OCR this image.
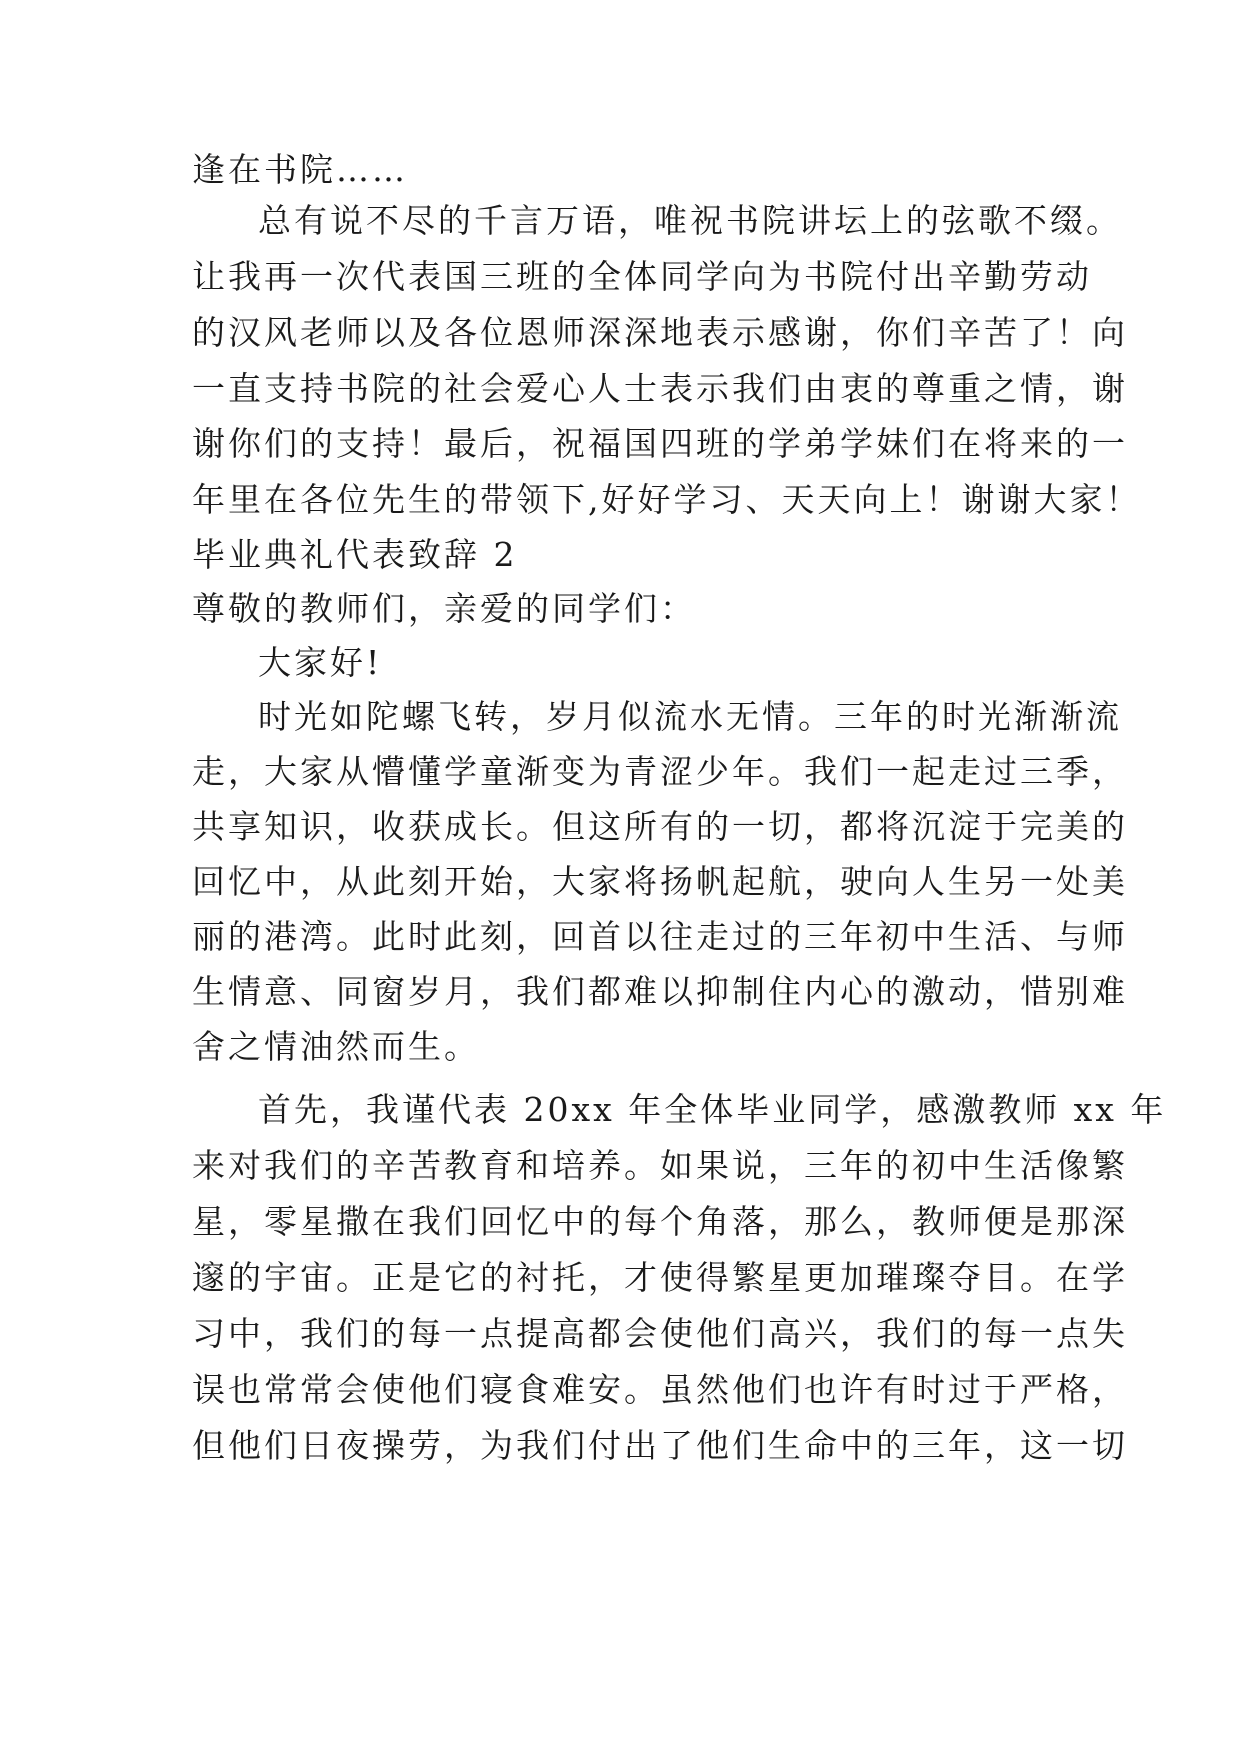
逢在书院……
总有说不尽的千言万语，唯祝书院讲坛上的弦歌不缀。
让我再一次代表国三班的全体同学向为书院付出辛勤劳动
的汉风老师以及各位恩师深深地表示感谢，你们辛苦了！向
一直支持书院的社会爱心人士表示我们由衷的尊重之情，谢
谢你们的支持！最后，祝福国四班的学弟学妹们在将来的一
年里在各位先生的带领下,好好学习、天天向上！谢谢大家！
毕业典礼代表致辞 2
尊敬的教师们，亲爱的同学们：
大家好!
时光如陀螺飞转，岁月似流水无情。三年的时光渐渐流
走，大家从懵懂学童渐变为青涩少年。我们一起走过三季，
共享知识，收获成长。但这所有的一切，都将沉淀于完美的
回忆中，从此刻开始，大家将扬帆起航，驶向人生另一处美
丽的港湾。此时此刻，回首以往走过的三年初中生活、与师
生情意、同窗岁月，我们都难以抑制住内心的激动，惜别难
舍之情油然而生。
首先，我谨代表 20xx 年全体毕业同学，感激教师 xx 年
来对我们的辛苦教育和培养。如果说，三年的初中生活像繁
星，零星撒在我们回忆中的每个角落，那么，教师便是那深
邃的宇宙。正是它的衬托，才使得繁星更加璀璨夺目。在学
习中，我们的每一点提高都会使他们高兴，我们的每一点失
误也常常会使他们寝食难安。虽然他们也许有时过于严格，
但他们日夜操劳，为我们付出了他们生命中的三年，这一切
